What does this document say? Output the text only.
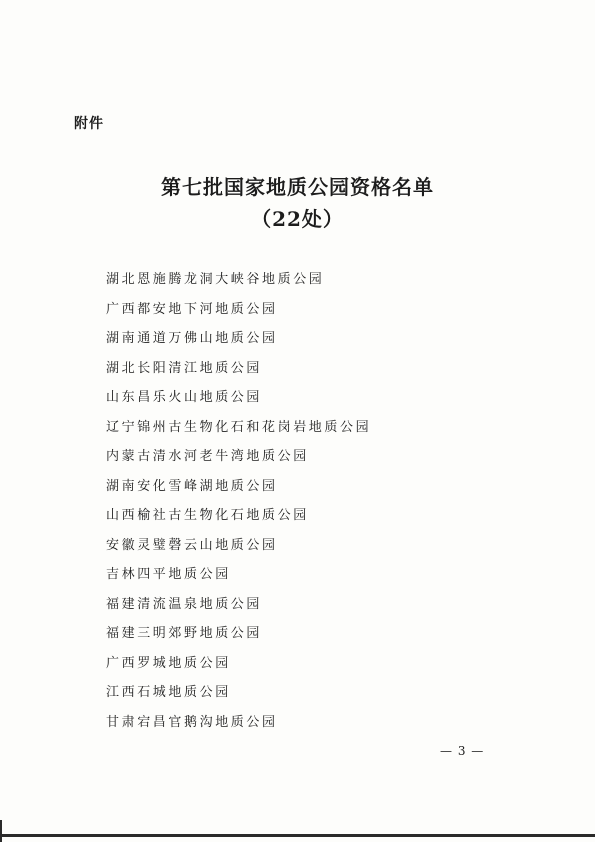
附件
第七批国家地质公园资格名单
（22处）
湖北恩施腾龙洞大峡谷地质公园
广西都安地下河地质公园
湖南通道万佛山地质公园
湖北长阳清江地质公园
山东昌乐火山地质公园
辽宁锦州古生物化石和花岗岩地质公园
内蒙古清水河老牛湾地质公园
湖南安化雪峰湖地质公园
山西榆社古生物化石地质公园
安徽灵璧磬云山地质公园
吉林四平地质公园
福建清流温泉地质公园
福建三明郊野地质公园
广西罗城地质公园
江西石城地质公园
甘肃宕昌官鹅沟地质公园
— 3 —
